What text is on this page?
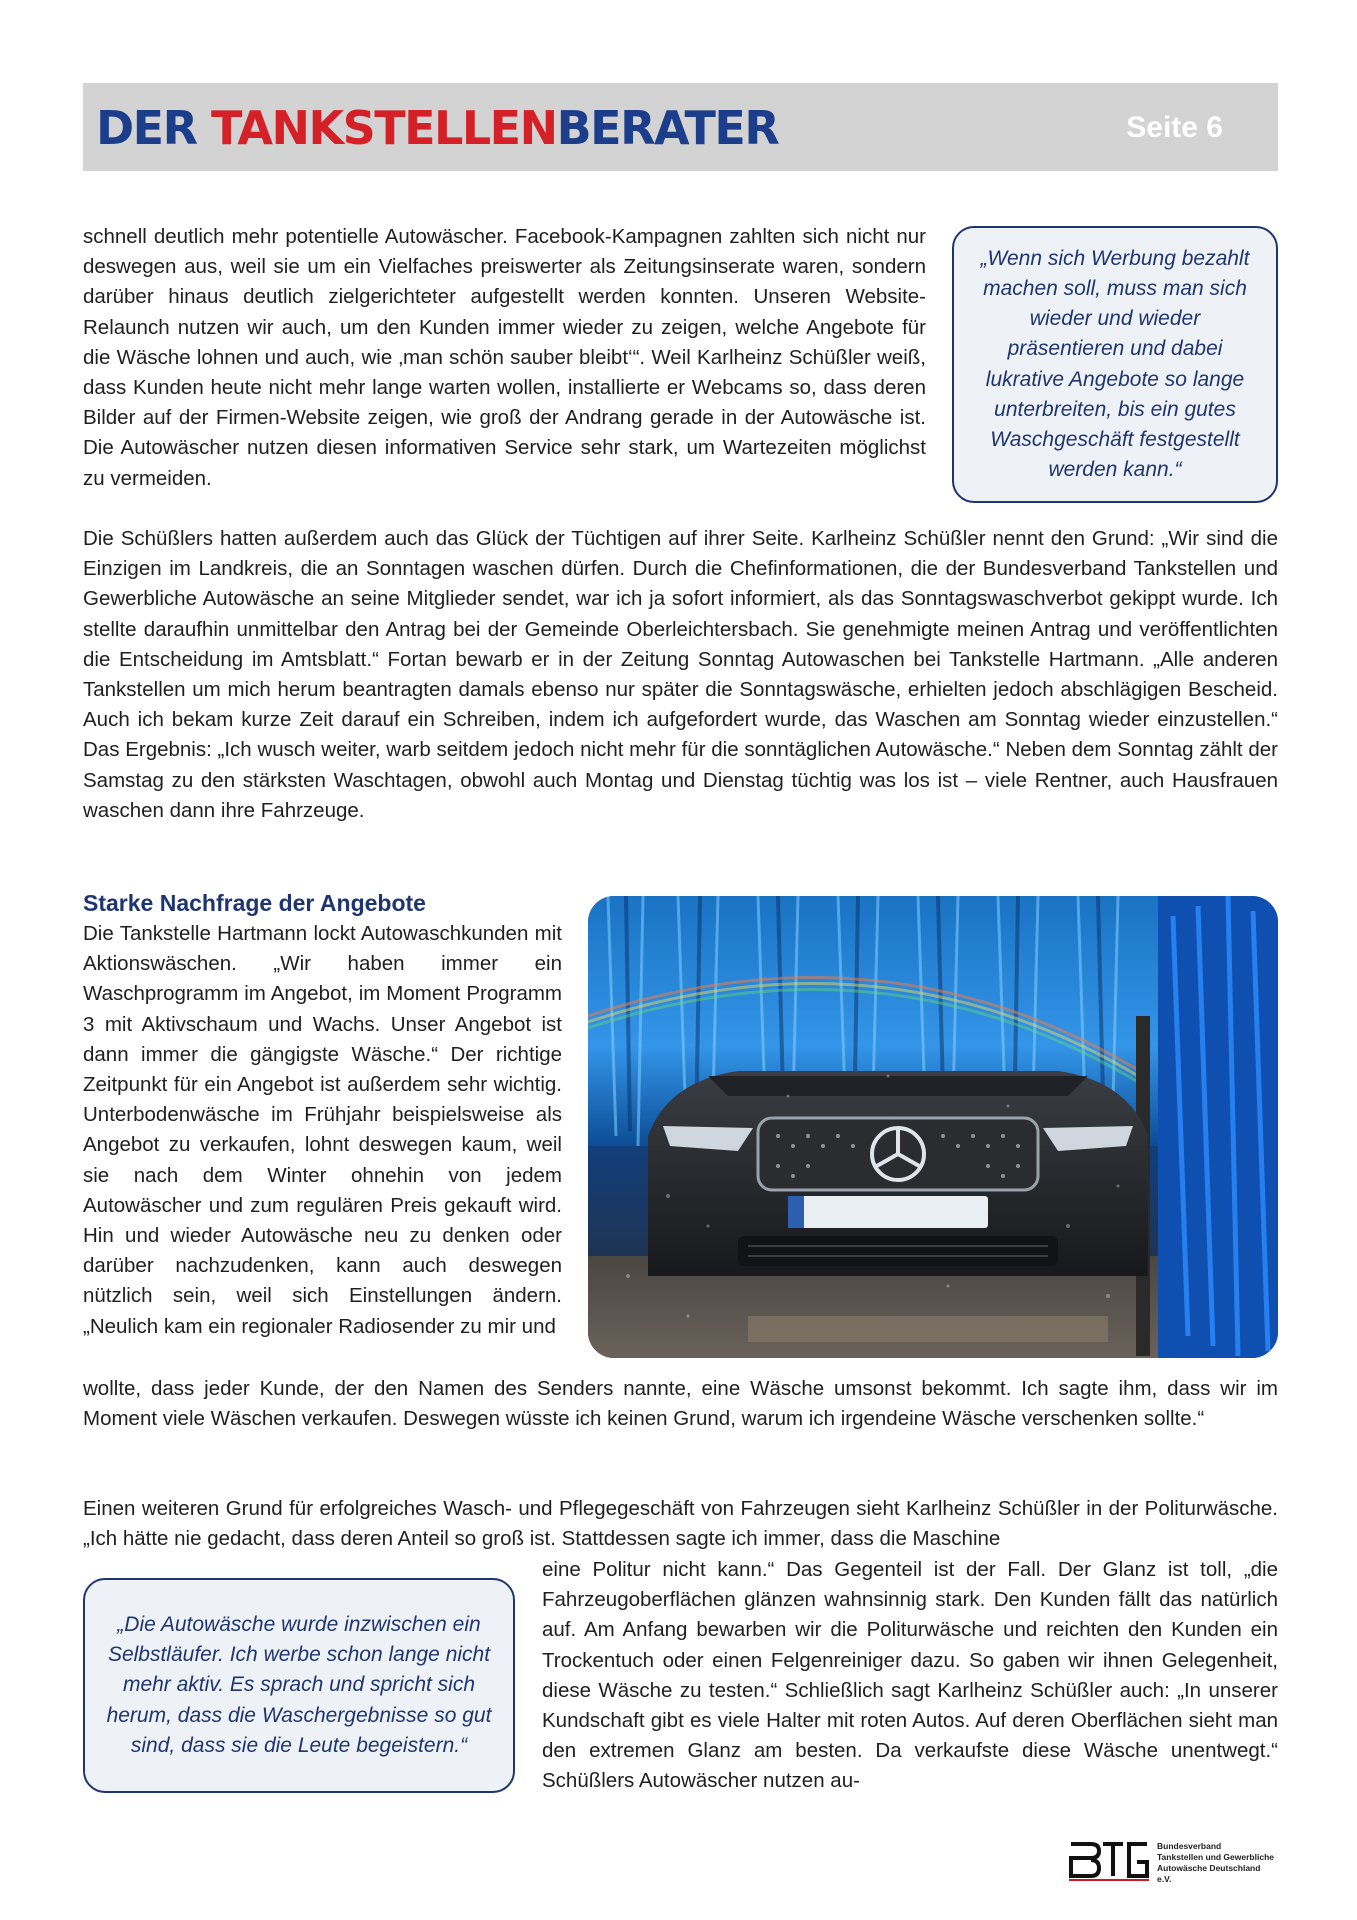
DER TANKSTELLENBERATER	Seite 6

schnell deutlich mehr potentielle Autowäscher. Facebook-Kampagnen zahlten sich nicht nur deswegen aus, weil sie um ein Vielfaches preiswerter als Zeitungsinserate waren, sondern darüber hinaus deutlich zielgerichteter aufgestellt werden konnten. Unseren Website-Relaunch nutzen wir auch, um den Kunden immer wieder zu zeigen, welche Angebote für die Wäsche lohnen und auch, wie ‚man schön sauber bleibt‘“. Weil Karlheinz Schüßler weiß, dass Kunden heute nicht mehr lange warten wollen, installierte er Webcams so, dass deren Bilder auf der Firmen-Website zeigen, wie groß der Andrang gerade in der Autowäsche ist. Die Autowäscher nutzen diesen informativen Service sehr stark, um Wartezeiten möglichst zu vermeiden.

„Wenn sich Werbung bezahlt machen soll, muss man sich wieder und wieder präsentieren und dabei lukrative Angebote so lange unterbreiten, bis ein gutes Waschgeschäft festgestellt werden kann.“

Die Schüßlers hatten außerdem auch das Glück der Tüchtigen auf ihrer Seite. Karlheinz Schüßler nennt den Grund: „Wir sind die Einzigen im Landkreis, die an Sonntagen waschen dürfen. Durch die Chefinformationen, die der Bundesverband Tankstellen und Gewerbliche Autowäsche an seine Mitglieder sendet, war ich ja sofort informiert, als das Sonntagswaschverbot gekippt wurde. Ich stellte daraufhin unmittelbar den Antrag bei der Gemeinde Oberleichtersbach. Sie genehmigte meinen Antrag und veröffentlichten die Entscheidung im Amtsblatt.“ Fortan bewarb er in der Zeitung Sonntag Autowaschen bei Tankstelle Hartmann. „Alle anderen Tankstellen um mich herum beantragten damals ebenso nur später die Sonntagswäsche, erhielten jedoch abschlägigen Bescheid. Auch ich bekam kurze Zeit darauf ein Schreiben, indem ich aufgefordert wurde, das Waschen am Sonntag wieder einzustellen.“ Das Ergebnis: „Ich wusch weiter, warb seitdem jedoch nicht mehr für die sonntäglichen Autowäsche.“ Neben dem Sonntag zählt der Samstag zu den stärksten Waschtagen, obwohl auch Montag und Dienstag tüchtig was los ist – viele Rentner, auch Hausfrauen waschen dann ihre Fahrzeuge.

Starke Nachfrage der Angebote

Die Tankstelle Hartmann lockt Autowaschkunden mit Aktionswäschen. „Wir haben immer ein Waschprogramm im Angebot, im Moment Programm 3 mit Aktivschaum und Wachs. Unser Angebot ist dann immer die gängigste Wäsche.“ Der richtige Zeitpunkt für ein Angebot ist außerdem sehr wichtig. Unterbodenwäsche im Frühjahr beispielsweise als Angebot zu verkaufen, lohnt deswegen kaum, weil sie nach dem Winter ohnehin von jedem Autowäscher und zum regulären Preis gekauft wird. Hin und wieder Autowäsche neu zu denken oder darüber nachzudenken, kann auch deswegen nützlich sein, weil sich Einstellungen ändern. „Neulich kam ein regionaler Radiosender zu mir und

wollte, dass jeder Kunde, der den Namen des Senders nannte, eine Wäsche umsonst bekommt. Ich sagte ihm, dass wir im Moment viele Wäschen verkaufen. Deswegen wüsste ich keinen Grund, warum ich irgendeine Wäsche verschenken sollte.“

Einen weiteren Grund für erfolgreiches Wasch- und Pflegegeschäft von Fahrzeugen sieht Karlheinz Schüßler in der Politurwäsche. „Ich hätte nie gedacht, dass deren Anteil so groß ist. Stattdessen sagte ich immer, dass die Maschine

„Die Autowäsche wurde inzwischen ein Selbstläufer. Ich werbe schon lange nicht mehr aktiv. Es sprach und spricht sich herum, dass die Waschergebnisse so gut sind, dass sie die Leute begeistern.“

eine Politur nicht kann.“ Das Gegenteil ist der Fall. Der Glanz ist toll, „die Fahrzeugoberflächen glänzen wahnsinnig stark. Den Kunden fällt das natürlich auf. Am Anfang bewarben wir die Politurwäsche und reichten den Kunden ein Trockentuch oder einen Felgenreiniger dazu. So gaben wir ihnen Gelegenheit, diese Wäsche zu testen.“ Schließlich sagt Karlheinz Schüßler auch: „In unserer Kundschaft gibt es viele Halter mit roten Autos. Auf deren Oberflächen sieht man den extremen Glanz am besten. Da verkaufste diese Wäsche unentwegt.“ Schüßlers Autowäscher nutzen au-

Bundesverband
Tankstellen und Gewerbliche
Autowäsche Deutschland e.V.
